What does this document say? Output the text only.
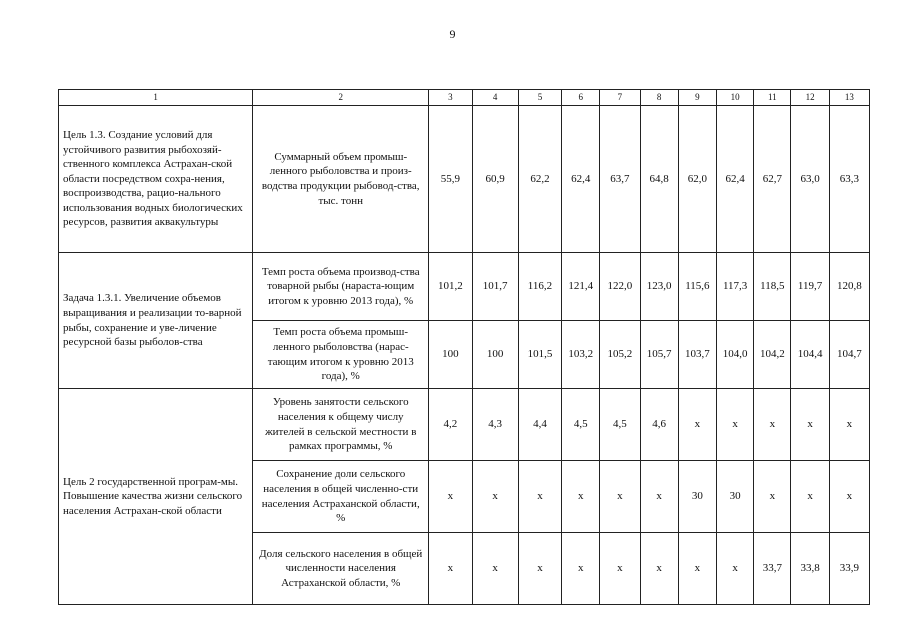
9
1	2	3	4	5	6	7	8	9	10	11	12	13
Цель 1.3. Создание условий для устойчивого развития рыбохозяй-ственного комплекса Астрахан-ской области посредством сохра-нения, воспроизводства, рацио-нального использования водных биологических ресурсов, развития аквакультуры	Суммарный объем промыш-ленного рыболовства и произ-водства продукции рыбовод-ства, тыс. тонн	55,9	60,9	62,2	62,4	63,7	64,8	62,0	62,4	62,7	63,0	63,3
Задача 1.3.1. Увеличение объемов выращивания и реализации то-варной рыбы, сохранение и уве-личение ресурсной базы рыболов-ства	Темп роста объема производ-ства товарной рыбы (нараста-ющим итогом к уровню 2013 года), %	101,2	101,7	116,2	121,4	122,0	123,0	115,6	117,3	118,5	119,7	120,8
	Темп роста объема промыш-ленного рыболовства (нарас-тающим итогом к уровню 2013 года), %	100	100	101,5	103,2	105,2	105,7	103,7	104,0	104,2	104,4	104,7
Цель 2 государственной програм-мы. Повышение качества жизни сельского населения Астрахан-ской области	Уровень занятости сельского населения к общему числу жителей в сельской местности в рамках программы, %	4,2	4,3	4,4	4,5	4,5	4,6	x	x	x	x	x
	Сохранение доли сельского населения в общей численно-сти населения Астраханской области, %	x	x	x	x	x	x	30	30	x	x	x
	Доля сельского населения в общей численности населения Астраханской области, %	x	x	x	x	x	x	x	x	33,7	33,8	33,9
